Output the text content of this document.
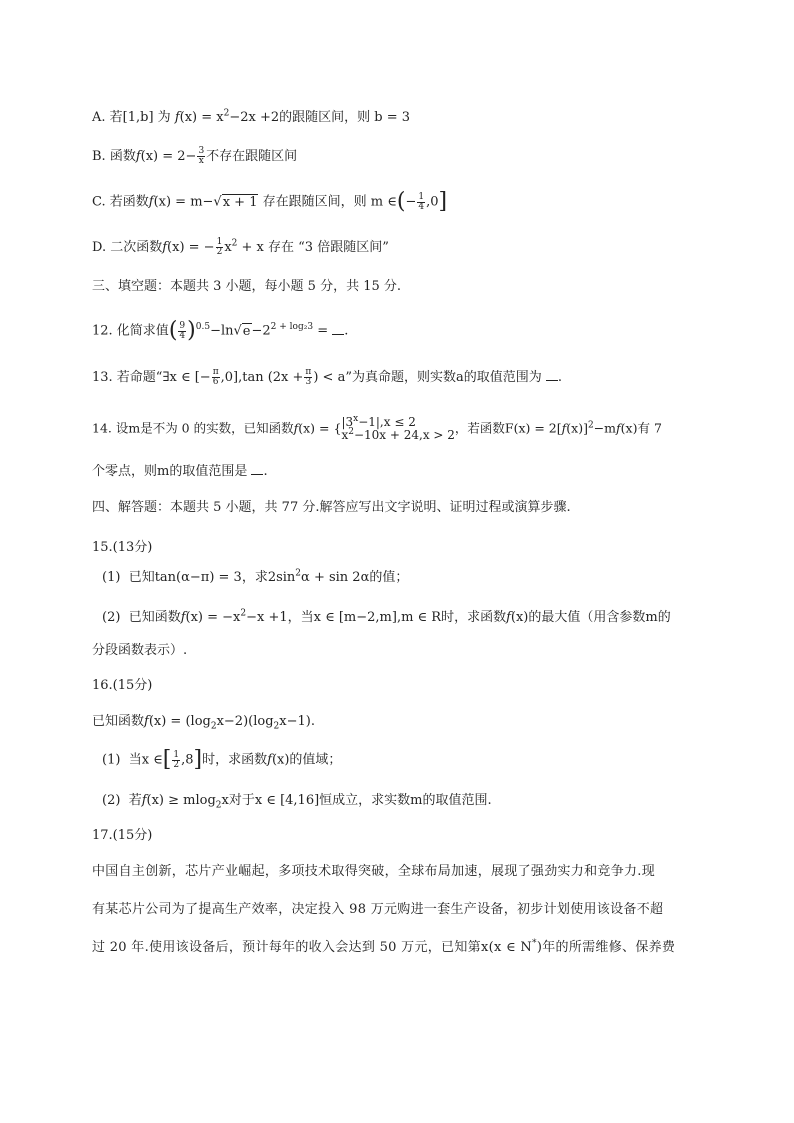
A. 若[1,b] 为 $f(x) = x^2-2x +2$的跟随区间，则 b = 3
B. 函数$f(x) = 2- \frac{3}{x}$ 不存在跟随区间
C. 若函数f(x) = m−√x + 1 存在跟随区间，则 m ∈(− $\frac{1}{4} ,0$]
D. 二次函数f(x) = − $\frac{1}{2} x^2 + x$ 存在 “3 倍跟随区间”
三、填空题：本题共 3 小题，每小题 5 分，共 15 分.
12. 化简求值( $\frac{9}{4} )^{0.5}-\ln√e-2^{2 + log_23}$ = .
13. 若命题“∃x ∈ [− $\frac{\pi}{6} ,0],\tan$ ($2x + \frac{\pi}{3}$ ) < a”为真命题，则实数a的取值范围为 .
14. 设m是不为 0 的实数，已知函数f(x) = { $|3^x-1|,x \le 2$
$x^2-10x + 24,x > 2$ ，若函数$F(x) = 2[f(x)]^2-mf(x)$有 7
个零点，则m的取值范围是 .
四、解答题：本题共 5 小题，共 77 分.解答应写出文字说明、证明过程或演算步骤.
15.(13分)
(1) 已知tan(α−π) = 3，求$2\sin^2\alpha + \sin 2\alpha$的值；
(2) 已知函数$f(x) = -x^2-x +1$，当x ∈ [m−2,m],m ∈ R时，求函数f(x)的最大值（用含参数m的
分段函数表示）.
16.(15分)
已知函数$f(x) = (\log_2x-2)(\log_2x-1)$.
(1) 当x ∈[ $\frac{1}{2} ,8$]时，求函数f(x)的值域；
(2) 若f(x) ≥ mlog$_2$x对于x ∈ [4,16]恒成立，求实数m的取值范围.
17.(15分)
中国自主创新，芯片产业崛起，多项技术取得突破，全球布局加速，展现了强劲实力和竞争力.现
有某芯片公司为了提高生产效率，决定投入 98 万元购进一套生产设备，初步计划使用该设备不超
过 20 年.使用该设备后，预计每年的收入会达到 50 万元，已知第x(x ∈ N*)年的所需维修、保养费
